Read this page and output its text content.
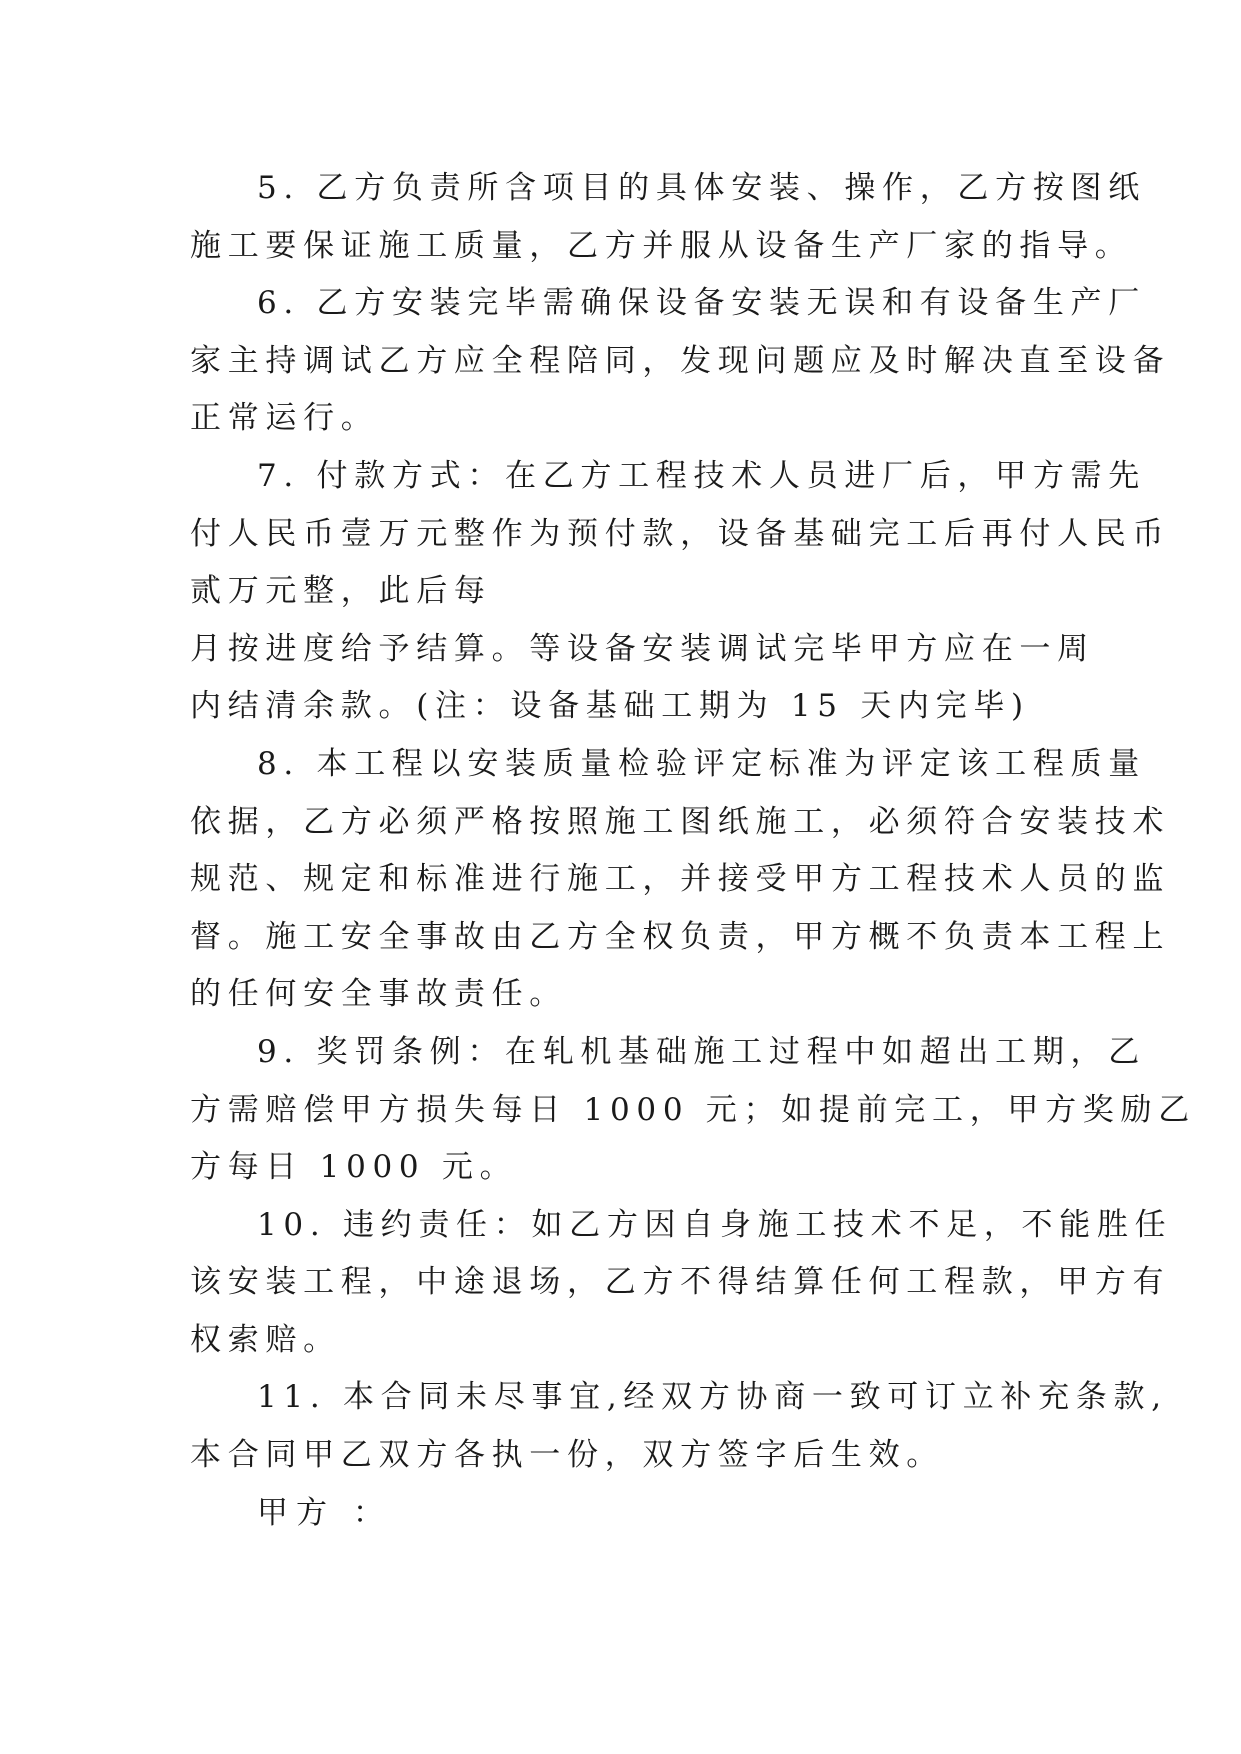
5. 乙方负责所含项目的具体安装、操作，乙方按图纸
施工要保证施工质量，乙方并服从设备生产厂家的指导。

6. 乙方安装完毕需确保设备安装无误和有设备生产厂
家主持调试乙方应全程陪同，发现问题应及时解决直至设备
正常运行。

7. 付款方式：在乙方工程技术人员进厂后，甲方需先
付人民币壹万元整作为预付款，设备基础完工后再付人民币
贰万元整，此后每

月按进度给予结算。等设备安装调试完毕甲方应在一周
内结清余款。(注：设备基础工期为 15 天内完毕)

8. 本工程以安装质量检验评定标准为评定该工程质量
依据，乙方必须严格按照施工图纸施工，必须符合安装技术
规范、规定和标准进行施工，并接受甲方工程技术人员的监
督。施工安全事故由乙方全权负责，甲方概不负责本工程上
的任何安全事故责任。

9. 奖罚条例：在轧机基础施工过程中如超出工期，乙
方需赔偿甲方损失每日 1000 元；如提前完工，甲方奖励乙
方每日 1000 元。

10. 违约责任：如乙方因自身施工技术不足，不能胜任
该安装工程，中途退场，乙方不得结算任何工程款，甲方有
权索赔。

11. 本合同未尽事宜,经双方协商一致可订立补充条款,
本合同甲乙双方各执一份，双方签字后生效。

甲方 ：
